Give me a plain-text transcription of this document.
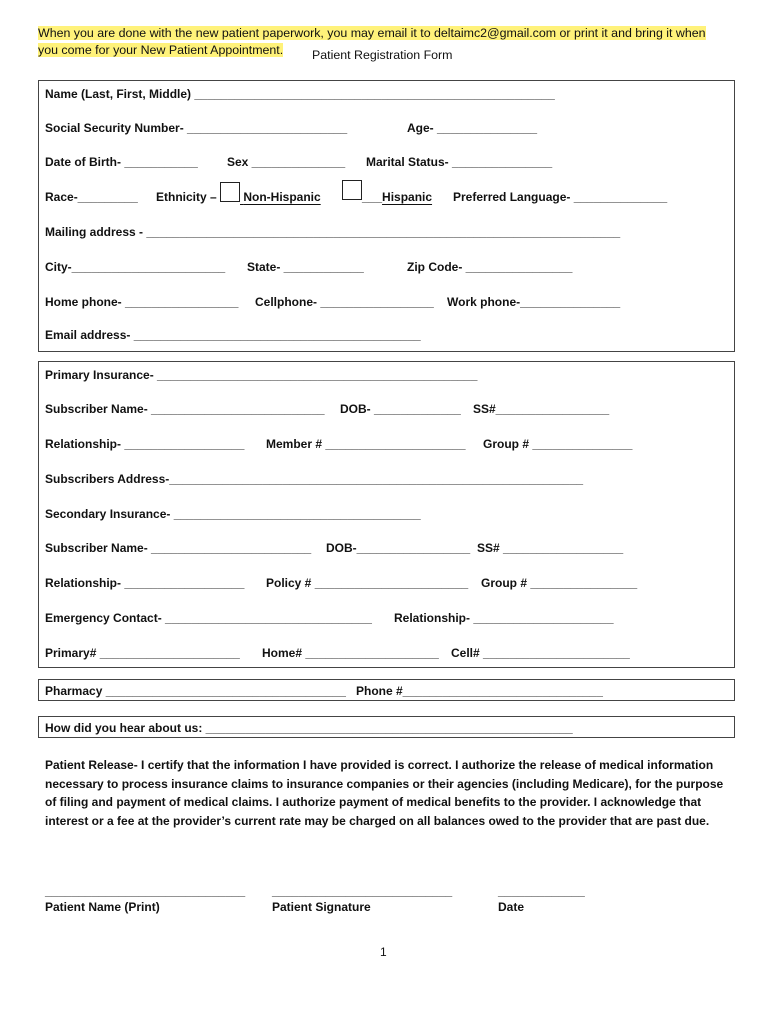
When you are done with the new patient paperwork, you may email it to deltaimc2@gmail.com or print it and bring it when
you come for your New Patient Appointment. Patient Registration Form
Name (Last, First, Middle) ______________________________________________________
Social Security Number- ________________________	Age- _______________
Date of Birth- ___________ Sex ______________ Marital Status- _______________
Race-_________ Ethnicity – Non-Hispanic	___Hispanic Preferred Language- ______________
Mailing address - _______________________________________________________________________
City-_______________________ State- ____________	Zip Code- ________________
Home phone- _________________ Cellphone- _________________ Work phone-_______________
Email address- ___________________________________________
Primary Insurance- ________________________________________________
Subscriber Name- __________________________ DOB- _____________ SS#_________________
Relationship- __________________ Member # _____________________ Group # _______________
Subscribers Address-______________________________________________________________
Secondary Insurance- _____________________________________
Subscriber Name- ________________________ DOB-_________________ SS# __________________
Relationship- __________________ Policy # _______________________ Group # ________________
Emergency Contact- _______________________________ Relationship- _____________________
Primary# _____________________ Home# ____________________ Cell# ______________________
Pharmacy ____________________________________ Phone #______________________________
How did you hear about us: _______________________________________________________
Patient Release- I certify that the information I have provided is correct. I authorize the release of medical information necessary to process insurance claims to insurance companies or their agencies (including Medicare), for the purpose of filing and payment of medical claims. I authorize payment of medical benefits to the provider. I acknowledge that interest or a fee at the provider’s current rate may be charged on all balances owed to the provider that are past due.
______________________________ ___________________________	_____________
Patient Name (Print)	Patient Signature	Date
1
